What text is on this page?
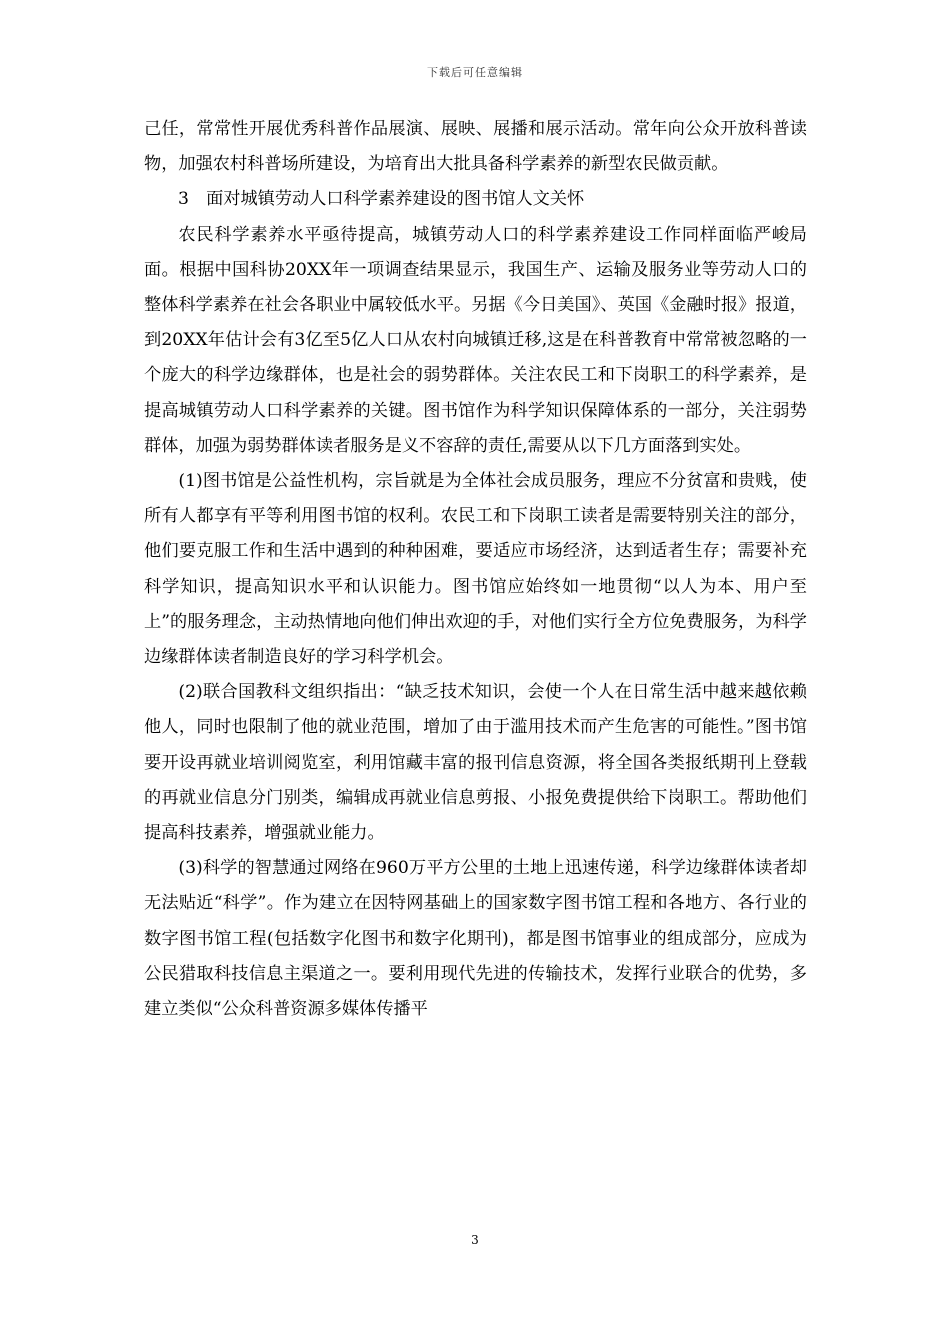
下载后可任意编辑

己任，常常性开展优秀科普作品展演、展映、展播和展示活动。常年向公众开放科普读物，加强农村科普场所建设，为培育出大批具备科学素养的新型农民做贡献。

3　面对城镇劳动人口科学素养建设的图书馆人文关怀

农民科学素养水平亟待提高，城镇劳动人口的科学素养建设工作同样面临严峻局面。根据中国科协20XX年一项调查结果显示，我国生产、运输及服务业等劳动人口的整体科学素养在社会各职业中属较低水平。另据《今日美国》、英国《金融时报》报道，到20XX年估计会有3亿至5亿人口从农村向城镇迁移,这是在科普教育中常常被忽略的一个庞大的科学边缘群体，也是社会的弱势群体。关注农民工和下岗职工的科学素养，是提高城镇劳动人口科学素养的关键。图书馆作为科学知识保障体系的一部分，关注弱势群体，加强为弱势群体读者服务是义不容辞的责任,需要从以下几方面落到实处。

(1)图书馆是公益性机构，宗旨就是为全体社会成员服务，理应不分贫富和贵贱，使所有人都享有平等利用图书馆的权利。农民工和下岗职工读者是需要特别关注的部分，他们要克服工作和生活中遇到的种种困难，要适应市场经济，达到适者生存；需要补充科学知识，提高知识水平和认识能力。图书馆应始终如一地贯彻“以人为本、用户至上”的服务理念，主动热情地向他们伸出欢迎的手，对他们实行全方位免费服务，为科学边缘群体读者制造良好的学习科学机会。

(2)联合国教科文组织指出：“缺乏技术知识，会使一个人在日常生活中越来越依赖他人，同时也限制了他的就业范围，增加了由于滥用技术而产生危害的可能性。”图书馆要开设再就业培训阅览室，利用馆藏丰富的报刊信息资源，将全国各类报纸期刊上登载的再就业信息分门别类，编辑成再就业信息剪报、小报免费提供给下岗职工。帮助他们提高科技素养，增强就业能力。

(3)科学的智慧通过网络在960万平方公里的土地上迅速传递，科学边缘群体读者却无法贴近“科学”。作为建立在因特网基础上的国家数字图书馆工程和各地方、各行业的数字图书馆工程(包括数字化图书和数字化期刊)，都是图书馆事业的组成部分，应成为公民猎取科技信息主渠道之一。要利用现代先进的传输技术，发挥行业联合的优势，多建立类似“公众科普资源多媒体传播平

3
